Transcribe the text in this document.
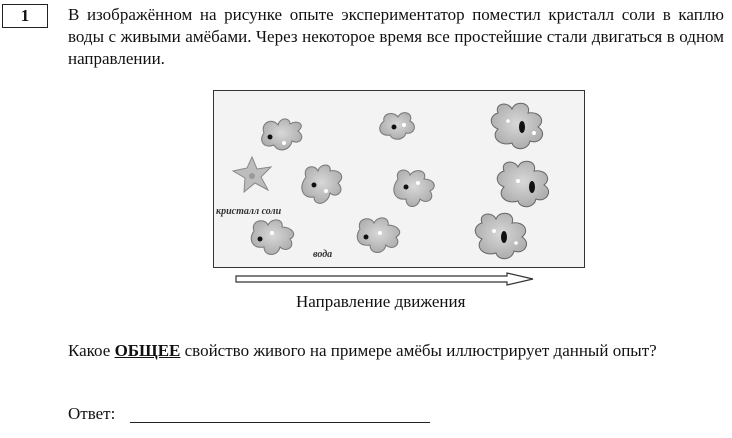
1	В изображённом на рисунке опыте экспериментатор поместил кристалл соли в каплю воды с живыми амёбами. Через некоторое время все простейшие стали двигаться в одном направлении.
кристалл соли
вода
Направление движения
Какое ОБЩЕЕ свойство живого на примере амёбы иллюстрирует данный опыт?
Ответ:
